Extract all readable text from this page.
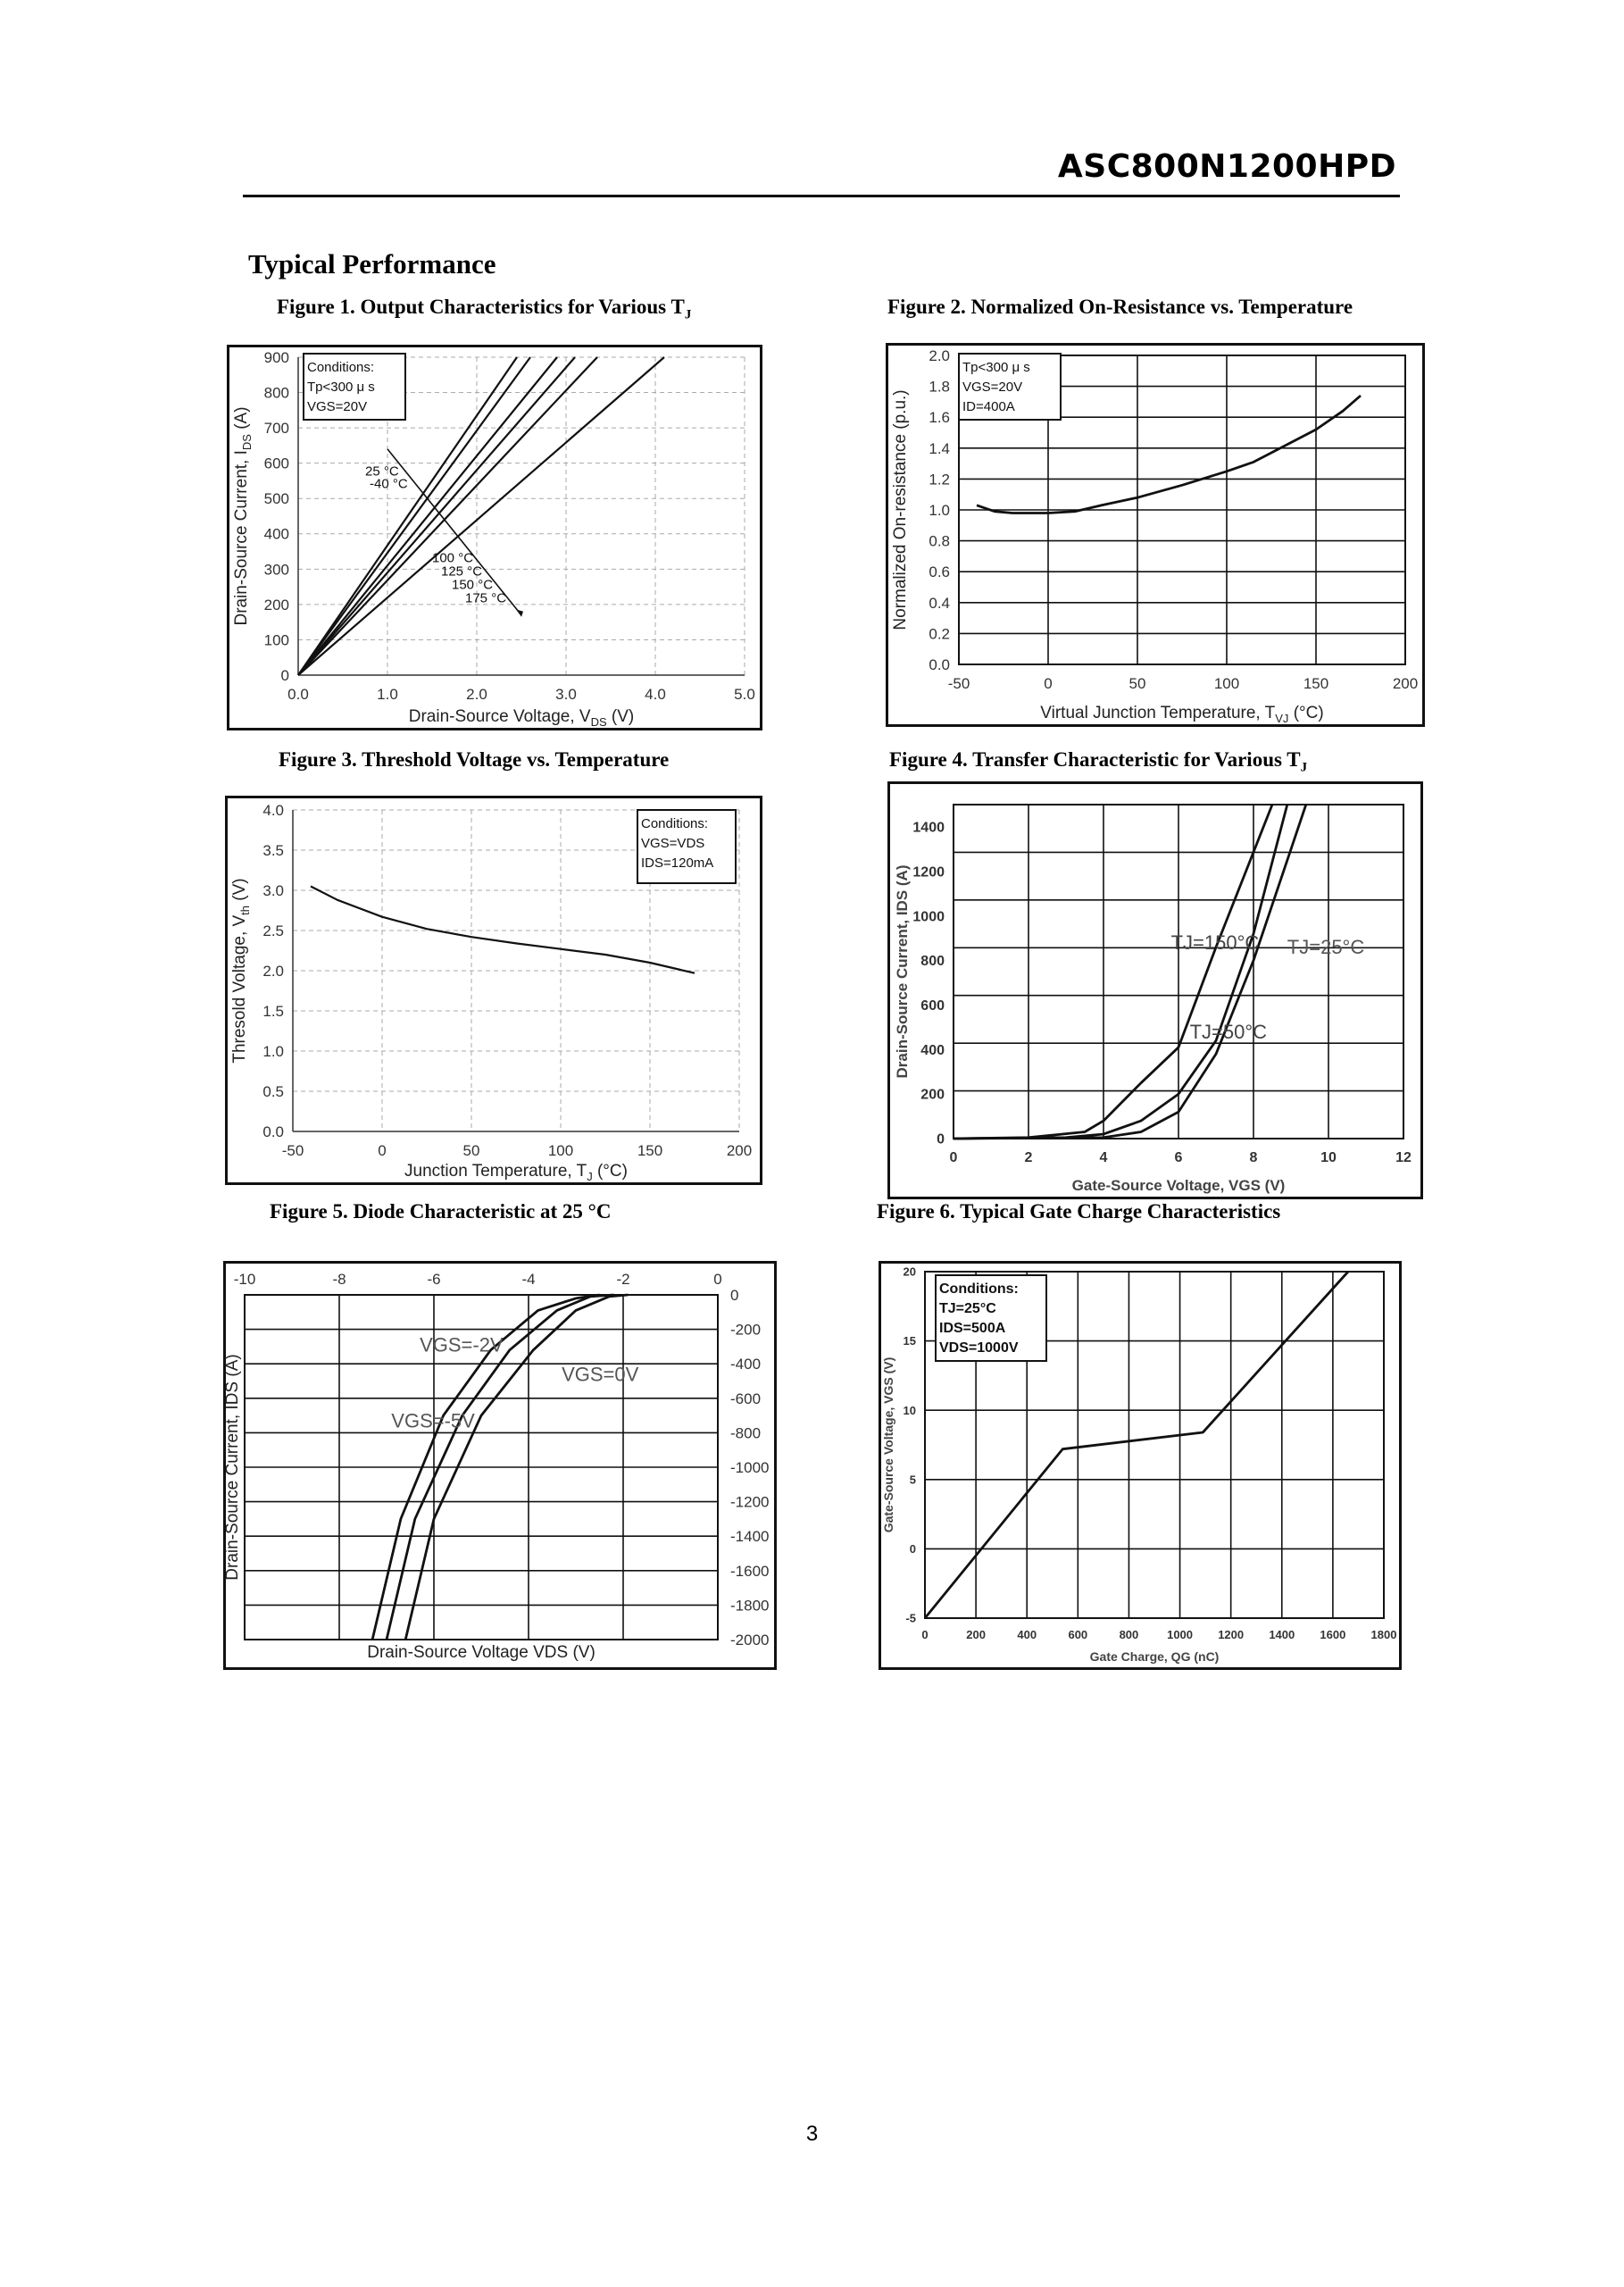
ASC800N1200HPD
Typical Performance
Figure 1. Output Characteristics for Various $T_J$	Figure 2. Normalized On-Resistance vs. Temperature
Figure 3. Threshold Voltage vs. Temperature	Figure 4. Transfer Characteristic for Various $T_J$
Figure 5. Diode Characteristic at 25 °C	Figure 6. Typical Gate Charge Characteristics
0.0	1.0	2.0	3.0	4.0	5.0
0
100
200
300
400
500
600
700
800
900
Drain-Source Voltage, $V_{DS}$ (V)
Drain-Source Current, $I_{DS}$ (A)
Conditions:
Tp<300 μ s
VGS=20V
25 °C
-40 °C
100 °C
125 °C
150 °C
175 °C
-50	0	50	100	150	200
0.0
0.2
0.4
0.6
0.8
1.0
1.2
1.4
1.6
1.8
2.0
Virtual Junction Temperature, $T_{VJ}$ (°C)
Normalized On-resistance (p.u.)
Tp<300 μ s
VGS=20V
ID=400A
-50	0	50	100	150	200
0.0
0.5
1.0
1.5
2.0
2.5
3.0
3.5
4.0
Junction Temperature, $T_J$ (°C)
Thresold Voltage, $V_{th}$ (V)
Conditions:
VGS=VDS
IDS=120mA
0	2	4	6	8	10	12
0
200
400
600
800
1000
1200
1400
Gate-Source Voltage, VGS (V)
Drain-Source Current, IDS (A)	TJ=150°C TJ=25°C
TJ=50°C
-10	-8	-6	-4	-2	0
0
-200
-400
-600
-800
-1000
-1200
-1400
-1600
-1800
-2000
Drain-Source Voltage VDS (V)
Drain-Source Current, IDS (A)
VGS=-2V
VGS=0V
VGS=-5V
0	200	400	600	800 1000 1200 1400 1600 1800
-5
0
5
10
15
20
Gate Charge, QG (nC)
Gate-Source Voltage, VGS (V)
Conditions:
TJ=25°C
IDS=500A
VDS=1000V
3
